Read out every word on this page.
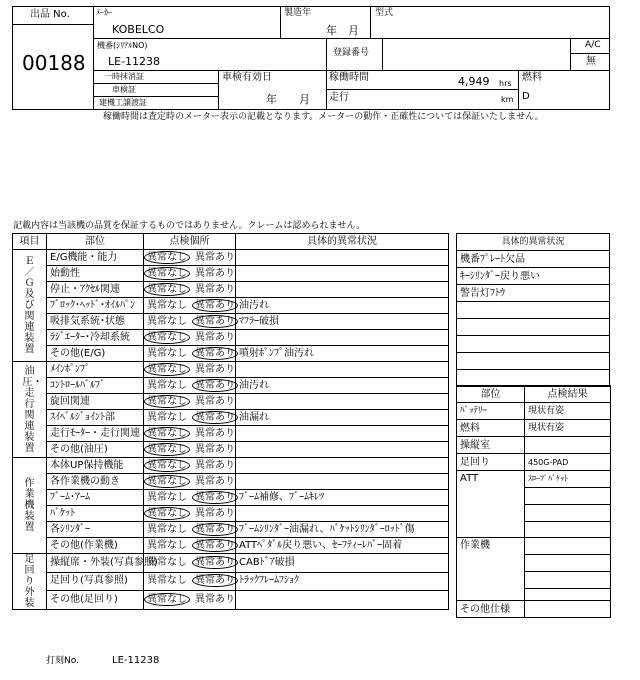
出品 No.
00188
ﾒｰｶｰ
KOBELCO
製造年
年　月
型式
機番(ｼﾘｱﾙNO)
LE-11238
登録番号
A/C
無
一時抹消証
車検証
建機工譲渡証
車検有効日
年　　月
稼働時間	4,949 hrs
走行	km
燃料
D
稼働時間は査定時のメーター表示の記載となります。メーターの動作・正確性については保証いたしません。
記載内容は当該機の品質を保証するものではありません。クレームは認められません。
項目	部位	点検個所	具体的異常状況

Ｅ／Ｇ及び関連装置	E/G機能・能力	異常なし 異常あり	
	始動性	異常なし 異常あり	
	停止・ｱｸｾﾙ関連	異常なし 異常あり	
	ﾌﾞﾛｯｸ･ﾍｯﾄﾞ･ｵｲﾙﾊﾟﾝ	異常なし 異常あり	油汚れ
	吸排気系統･状態	異常なし 異常あり	ﾏﾌﾗｰ破損
	ﾗｼﾞｴｰﾀｰ･冷却系統	異常なし 異常あり	
	その他(E/G)	異常なし 異常あり	噴射ﾎﾟﾝﾌﾟ油汚れ

油圧・走行関連装置	ﾒｲﾝﾎﾟﾝﾌﾟ	異常なし 異常あり	
	ｺﾝﾄﾛｰﾙﾊﾞﾙﾌﾞ	異常なし 異常あり	油汚れ
	旋回関連	異常なし 異常あり	
	ｽｲﾍﾞﾙｼﾞｮｲﾝﾄ部	異常なし 異常あり	油漏れ
	走行ﾓｰﾀｰ・走行関連	異常なし 異常あり	
	その他(油圧)	異常なし 異常あり	

作業機装置	本体UP保持機能	異常なし 異常あり	
	各作業機の動き	異常なし 異常あり	
	ﾌﾞｰﾑ･ｱｰﾑ	異常なし 異常あり	ﾌﾞｰﾑ補修、ﾌﾞｰﾑｷﾚﾂ
	ﾊﾞｹｯﾄ	異常なし 異常あり	
	各ｼﾘﾝﾀﾞｰ	異常なし 異常あり	ﾌﾞｰﾑｼﾘﾝﾀﾞｰ油漏れ、ﾊﾞｹｯﾄｼﾘﾝﾀﾞｰﾛｯﾄﾞ傷
	その他(作業機)	異常なし 異常あり	ATTﾍﾟﾀﾞﾙ戻り悪い、ｾｰﾌﾃｨｰﾚﾊﾞｰ固着

足回り外装	操縦席・外装(写真参照)	異常なし 異常あり	CABﾄﾞｱ破損
	足回り(写真参照)	異常なし 異常あり	ﾄﾗｯｸﾌﾚｰﾑﾌｼｮｸ
	その他(足回り)	異常なし 異常あり	
具体的異常状況
機番ﾌﾟﾚｰﾄ欠品
ｷｰｼﾘﾝﾀﾞｰ戻り悪い
警告灯ﾌﾄｳ

部位	点検結果
ﾊﾞｯﾃﾘｰ	現状有姿
燃料	現状有姿
操縦室	
足回り	450G-PAD
ATT	ｽﾛｰﾌﾟﾊﾞｹｯﾄ

作業機	

その他仕様	
打刻No.	LE-11238
